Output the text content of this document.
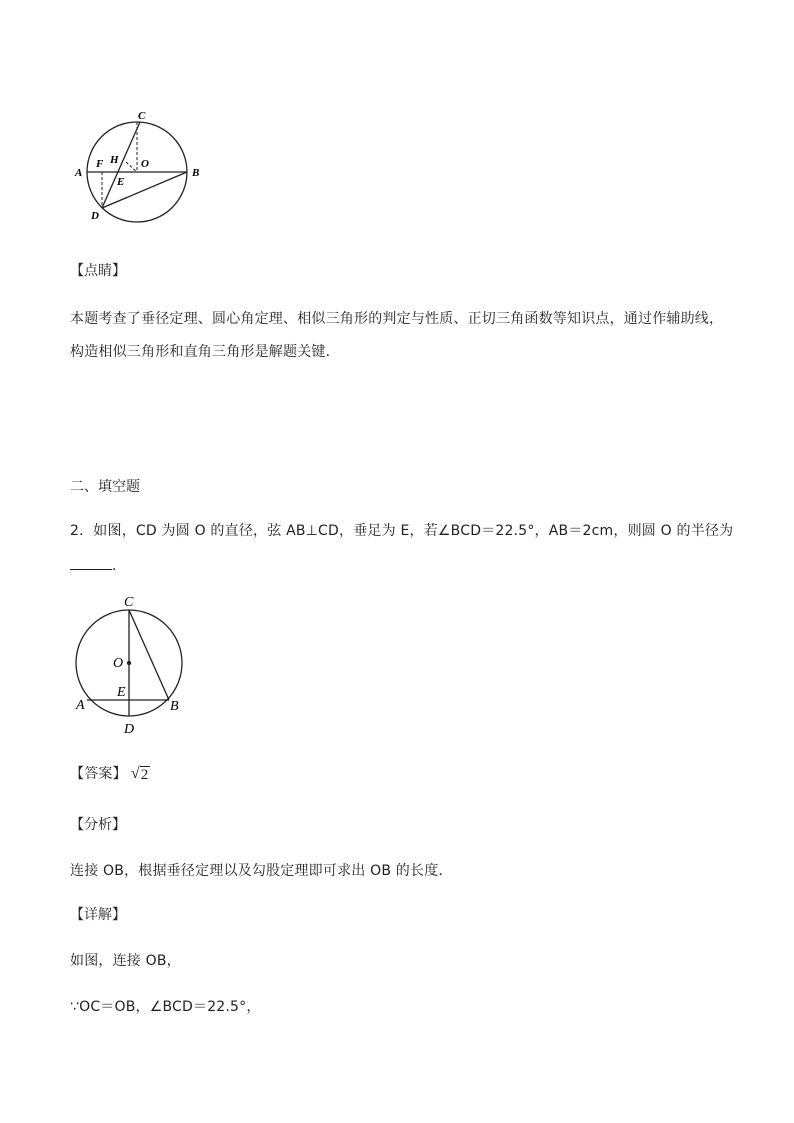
C
A	B
F H O
E
D
【点睛】
本题考查了垂径定理、圆心角定理、相似三角形的判定与性质、正切三角函数等知识点，通过作辅助线，
构造相似三角形和直角三角形是解题关键．
二、填空题
2．如图，CD 为圆 O 的直径，弦 AB⊥CD，垂足为 E，若∠BCD＝22.5°，AB＝2cm，则圆 O 的半径为
．
C
O
E
A	B
D
【答案】 √ 2
【分析】
连接 OB，根据垂径定理以及勾股定理即可求出 OB 的长度．
【详解】
如图，连接 OB，
∵OC＝OB，∠BCD＝22.5°，
